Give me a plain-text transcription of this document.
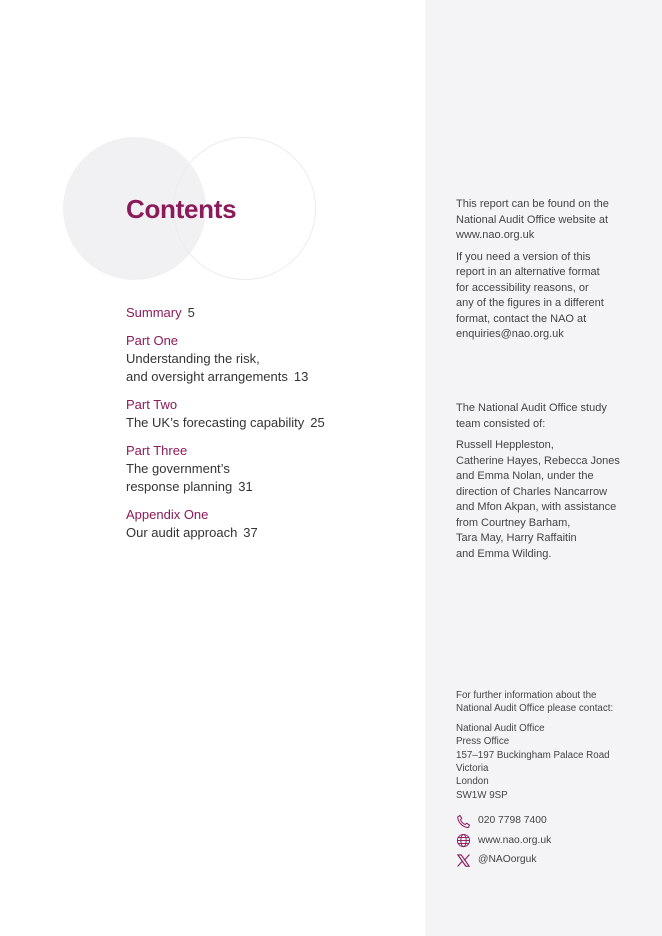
Contents
Summary 5
Part One
Understanding the risk,
and oversight arrangements 13
Part Two
The UK’s forecasting capability 25
Part Three
The government’s
response planning 31
Appendix One
Our audit approach 37

This report can be found on the
National Audit Office website at
www.nao.org.uk

If you need a version of this
report in an alternative format
for accessibility reasons, or
any of the figures in a different
format, contact the NAO at
enquiries@nao.org.uk

The National Audit Office study
team consisted of:

Russell Heppleston,
Catherine Hayes, Rebecca Jones
and Emma Nolan, under the
direction of Charles Nancarrow
and Mfon Akpan, with assistance
from Courtney Barham,
Tara May, Harry Raffaitin
and Emma Wilding.

For further information about the
National Audit Office please contact:

National Audit Office
Press Office
157–197 Buckingham Palace Road
Victoria
London
SW1W 9SP

020 7798 7400
www.nao.org.uk
@NAOorguk
